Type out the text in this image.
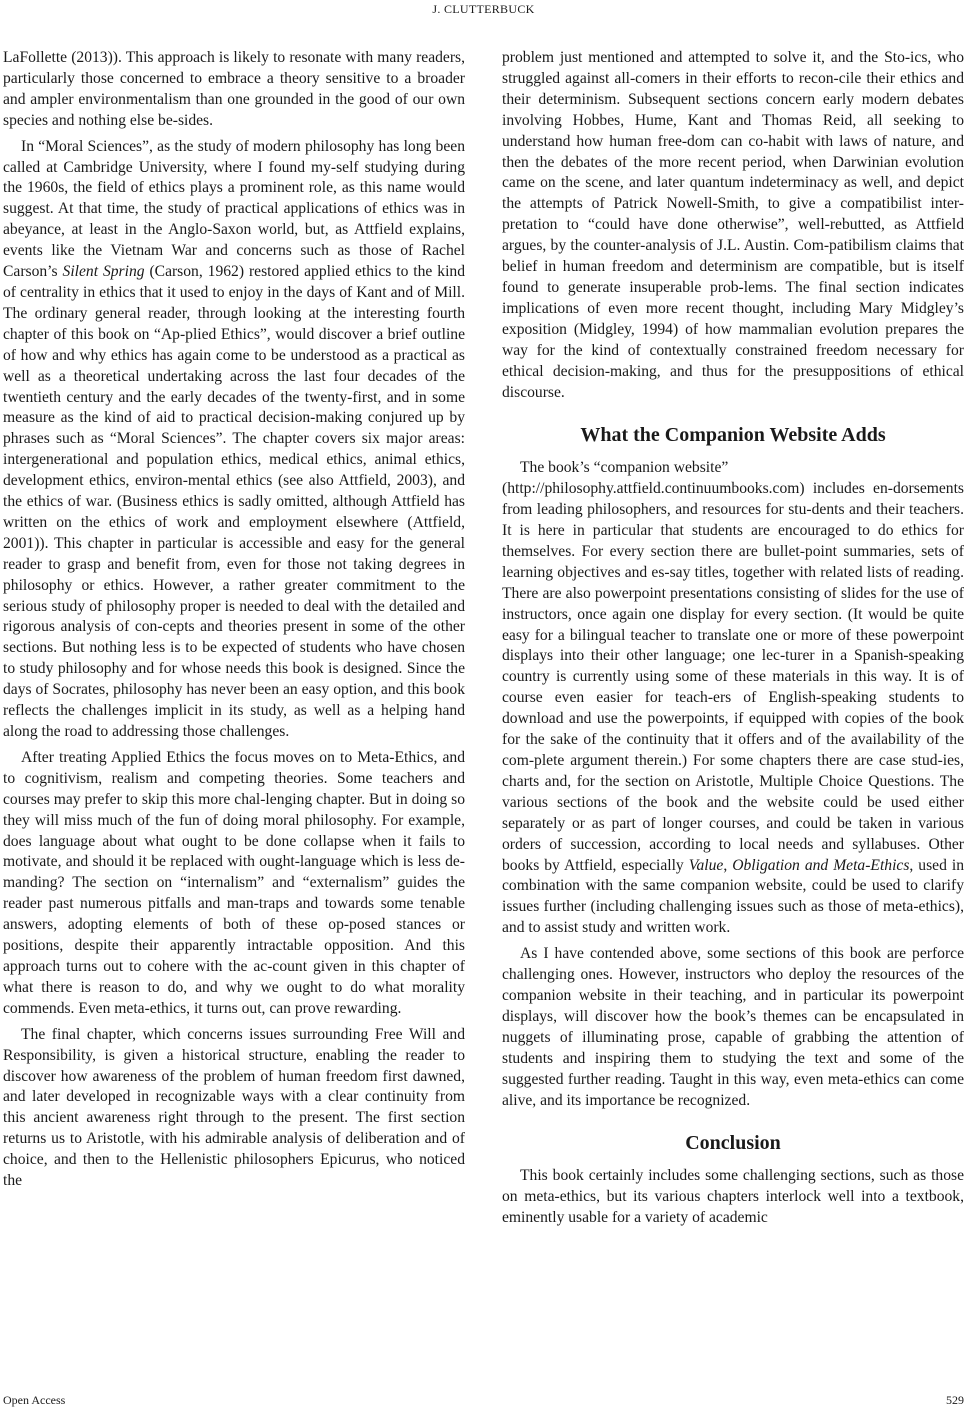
J. CLUTTERBUCK

LaFollette (2013)). This approach is likely to resonate with many readers, particularly those concerned to embrace a theory sensitive to a broader and ampler environmentalism than one grounded in the good of our own species and nothing else be-sides.

In “Moral Sciences”, as the study of modern philosophy has long been called at Cambridge University, where I found my-self studying during the 1960s, the field of ethics plays a prominent role, as this name would suggest. At that time, the study of practical applications of ethics was in abeyance, at least in the Anglo-Saxon world, but, as Attfield explains, events like the Vietnam War and concerns such as those of Rachel Carson’s Silent Spring (Carson, 1962) restored applied ethics to the kind of centrality in ethics that it used to enjoy in the days of Kant and of Mill. The ordinary general reader, through looking at the interesting fourth chapter of this book on “Ap-plied Ethics”, would discover a brief outline of how and why ethics has again come to be understood as a practical as well as a theoretical undertaking across the last four decades of the twentieth century and the early decades of the twenty-first, and in some measure as the kind of aid to practical decision-making conjured up by phrases such as “Moral Sciences”. The chapter covers six major areas: intergenerational and population ethics, medical ethics, animal ethics, development ethics, environ-mental ethics (see also Attfield, 2003), and the ethics of war. (Business ethics is sadly omitted, although Attfield has written on the ethics of work and employment elsewhere (Attfield, 2001)). This chapter in particular is accessible and easy for the general reader to grasp and benefit from, even for those not taking degrees in philosophy or ethics. However, a rather greater commitment to the serious study of philosophy proper is needed to deal with the detailed and rigorous analysis of con-cepts and theories present in some of the other sections. But nothing less is to be expected of students who have chosen to study philosophy and for whose needs this book is designed. Since the days of Socrates, philosophy has never been an easy option, and this book reflects the challenges implicit in its study, as well as a helping hand along the road to addressing those challenges.

After treating Applied Ethics the focus moves on to Meta-Ethics, and to cognitivism, realism and competing theories. Some teachers and courses may prefer to skip this more chal-lenging chapter. But in doing so they will miss much of the fun of doing moral philosophy. For example, does language about what ought to be done collapse when it fails to motivate, and should it be replaced with ought-language which is less de-manding? The section on “internalism” and “externalism” guides the reader past numerous pitfalls and man-traps and towards some tenable answers, adopting elements of both of these op-posed stances or positions, despite their apparently intractable opposition. And this approach turns out to cohere with the ac-count given in this chapter of what there is reason to do, and why we ought to do what morality commends. Even meta-ethics, it turns out, can prove rewarding.

The final chapter, which concerns issues surrounding Free Will and Responsibility, is given a historical structure, enabling the reader to discover how awareness of the problem of human freedom first dawned, and later developed in recognizable ways with a clear continuity from this ancient awareness right through to the present. The first section returns us to Aristotle, with his admirable analysis of deliberation and of choice, and then to the Hellenistic philosophers Epicurus, who noticed the

problem just mentioned and attempted to solve it, and the Sto-ics, who struggled against all-comers in their efforts to recon-cile their ethics and their determinism. Subsequent sections concern early modern debates involving Hobbes, Hume, Kant and Thomas Reid, all seeking to understand how human free-dom can co-habit with laws of nature, and then the debates of the more recent period, when Darwinian evolution came on the scene, and later quantum indeterminacy as well, and depict the attempts of Patrick Nowell-Smith, to give a compatibilist inter-pretation to “could have done otherwise”, well-rebutted, as Attfield argues, by the counter-analysis of J.L. Austin. Com-patibilism claims that belief in human freedom and determinism are compatible, but is itself found to generate insuperable prob-lems. The final section indicates implications of even more recent thought, including Mary Midgley’s exposition (Midgley, 1994) of how mammalian evolution prepares the way for the kind of contextually constrained freedom necessary for ethical decision-making, and thus for the presuppositions of ethical discourse.

What the Companion Website Adds

The book’s “companion website”
(http://philosophy.attfield.continuumbooks.com) includes en-dorsements from leading philosophers, and resources for stu-dents and their teachers. It is here in particular that students are encouraged to do ethics for themselves. For every section there are bullet-point summaries, sets of learning objectives and es-say titles, together with related lists of reading. There are also powerpoint presentations consisting of slides for the use of instructors, once again one display for every section. (It would be quite easy for a bilingual teacher to translate one or more of these powerpoint displays into their other language; one lec-turer in a Spanish-speaking country is currently using some of these materials in this way. It is of course even easier for teach-ers of English-speaking students to download and use the powerpoints, if equipped with copies of the book for the sake of the continuity that it offers and of the availability of the com-plete argument therein.) For some chapters there are case stud-ies, charts and, for the section on Aristotle, Multiple Choice Questions. The various sections of the book and the website could be used either separately or as part of longer courses, and could be taken in various orders of succession, according to local needs and syllabuses. Other books by Attfield, especially Value, Obligation and Meta-Ethics, used in combination with the same companion website, could be used to clarify issues further (including challenging issues such as those of meta-ethics), and to assist study and written work.

As I have contended above, some sections of this book are perforce challenging ones. However, instructors who deploy the resources of the companion website in their teaching, and in particular its powerpoint displays, will discover how the book’s themes can be encapsulated in nuggets of illuminating prose, capable of grabbing the attention of students and inspiring them to studying the text and some of the suggested further reading. Taught in this way, even meta-ethics can come alive, and its importance be recognized.

Conclusion

This book certainly includes some challenging sections, such as those on meta-ethics, but its various chapters interlock well into a textbook, eminently usable for a variety of academic

Open Access	529
